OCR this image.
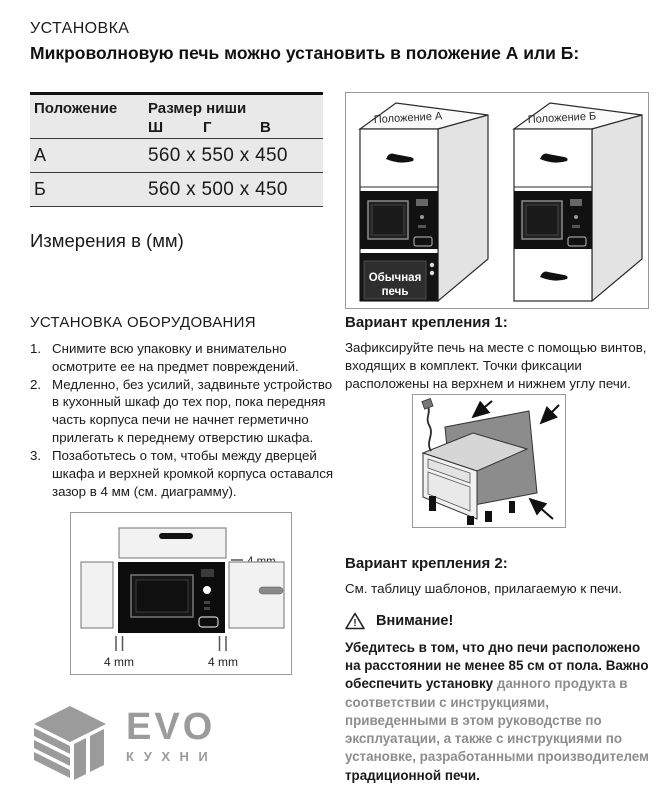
УСТАНОВКА
Микроволновую печь можно установить в положение А или Б:
Положение	Размер ниши
Ш	Г	В
А	560 x 550 x 450
Б	560 x 500 x 450
Измерения в (мм)
Обычная
печь
Положение А	Положение Б
УСТАНОВКА ОБОРУДОВАНИЯ
1. Снимите всю упаковку и внимательно осмотрите ее на предмет повреждений.
2. Медленно, без усилий, задвиньте устройство в кухонный шкаф до тех пор, пока передняя часть корпуса печи не начнет герметично прилегать к переднему отверстию шкафа.
3. Позаботьтесь о том, чтобы между дверцей шкафа и верхней кромкой корпуса оставался зазор в 4 мм (см. диаграмму).
4 mm	4 mm
Вариант крепления 1:
Зафиксируйте печь на месте с помощью винтов, входящих в комплект. Точки фиксации расположены на верхнем и нижнем углу печи.
Вариант крепления 2:
См. таблицу шаблонов, прилагаемую к печи.
! Внимание!
Убедитесь в том, что дно печи расположено на расстоянии не менее 85 см от пола. Важно обеспечить установку данного продукта в соответствии с инструкциями, приведенными в этом руководстве по эксплуатации, а также с инструкциями по установке, разработанными производителем традиционной печи.
EVO
КУХНИ
